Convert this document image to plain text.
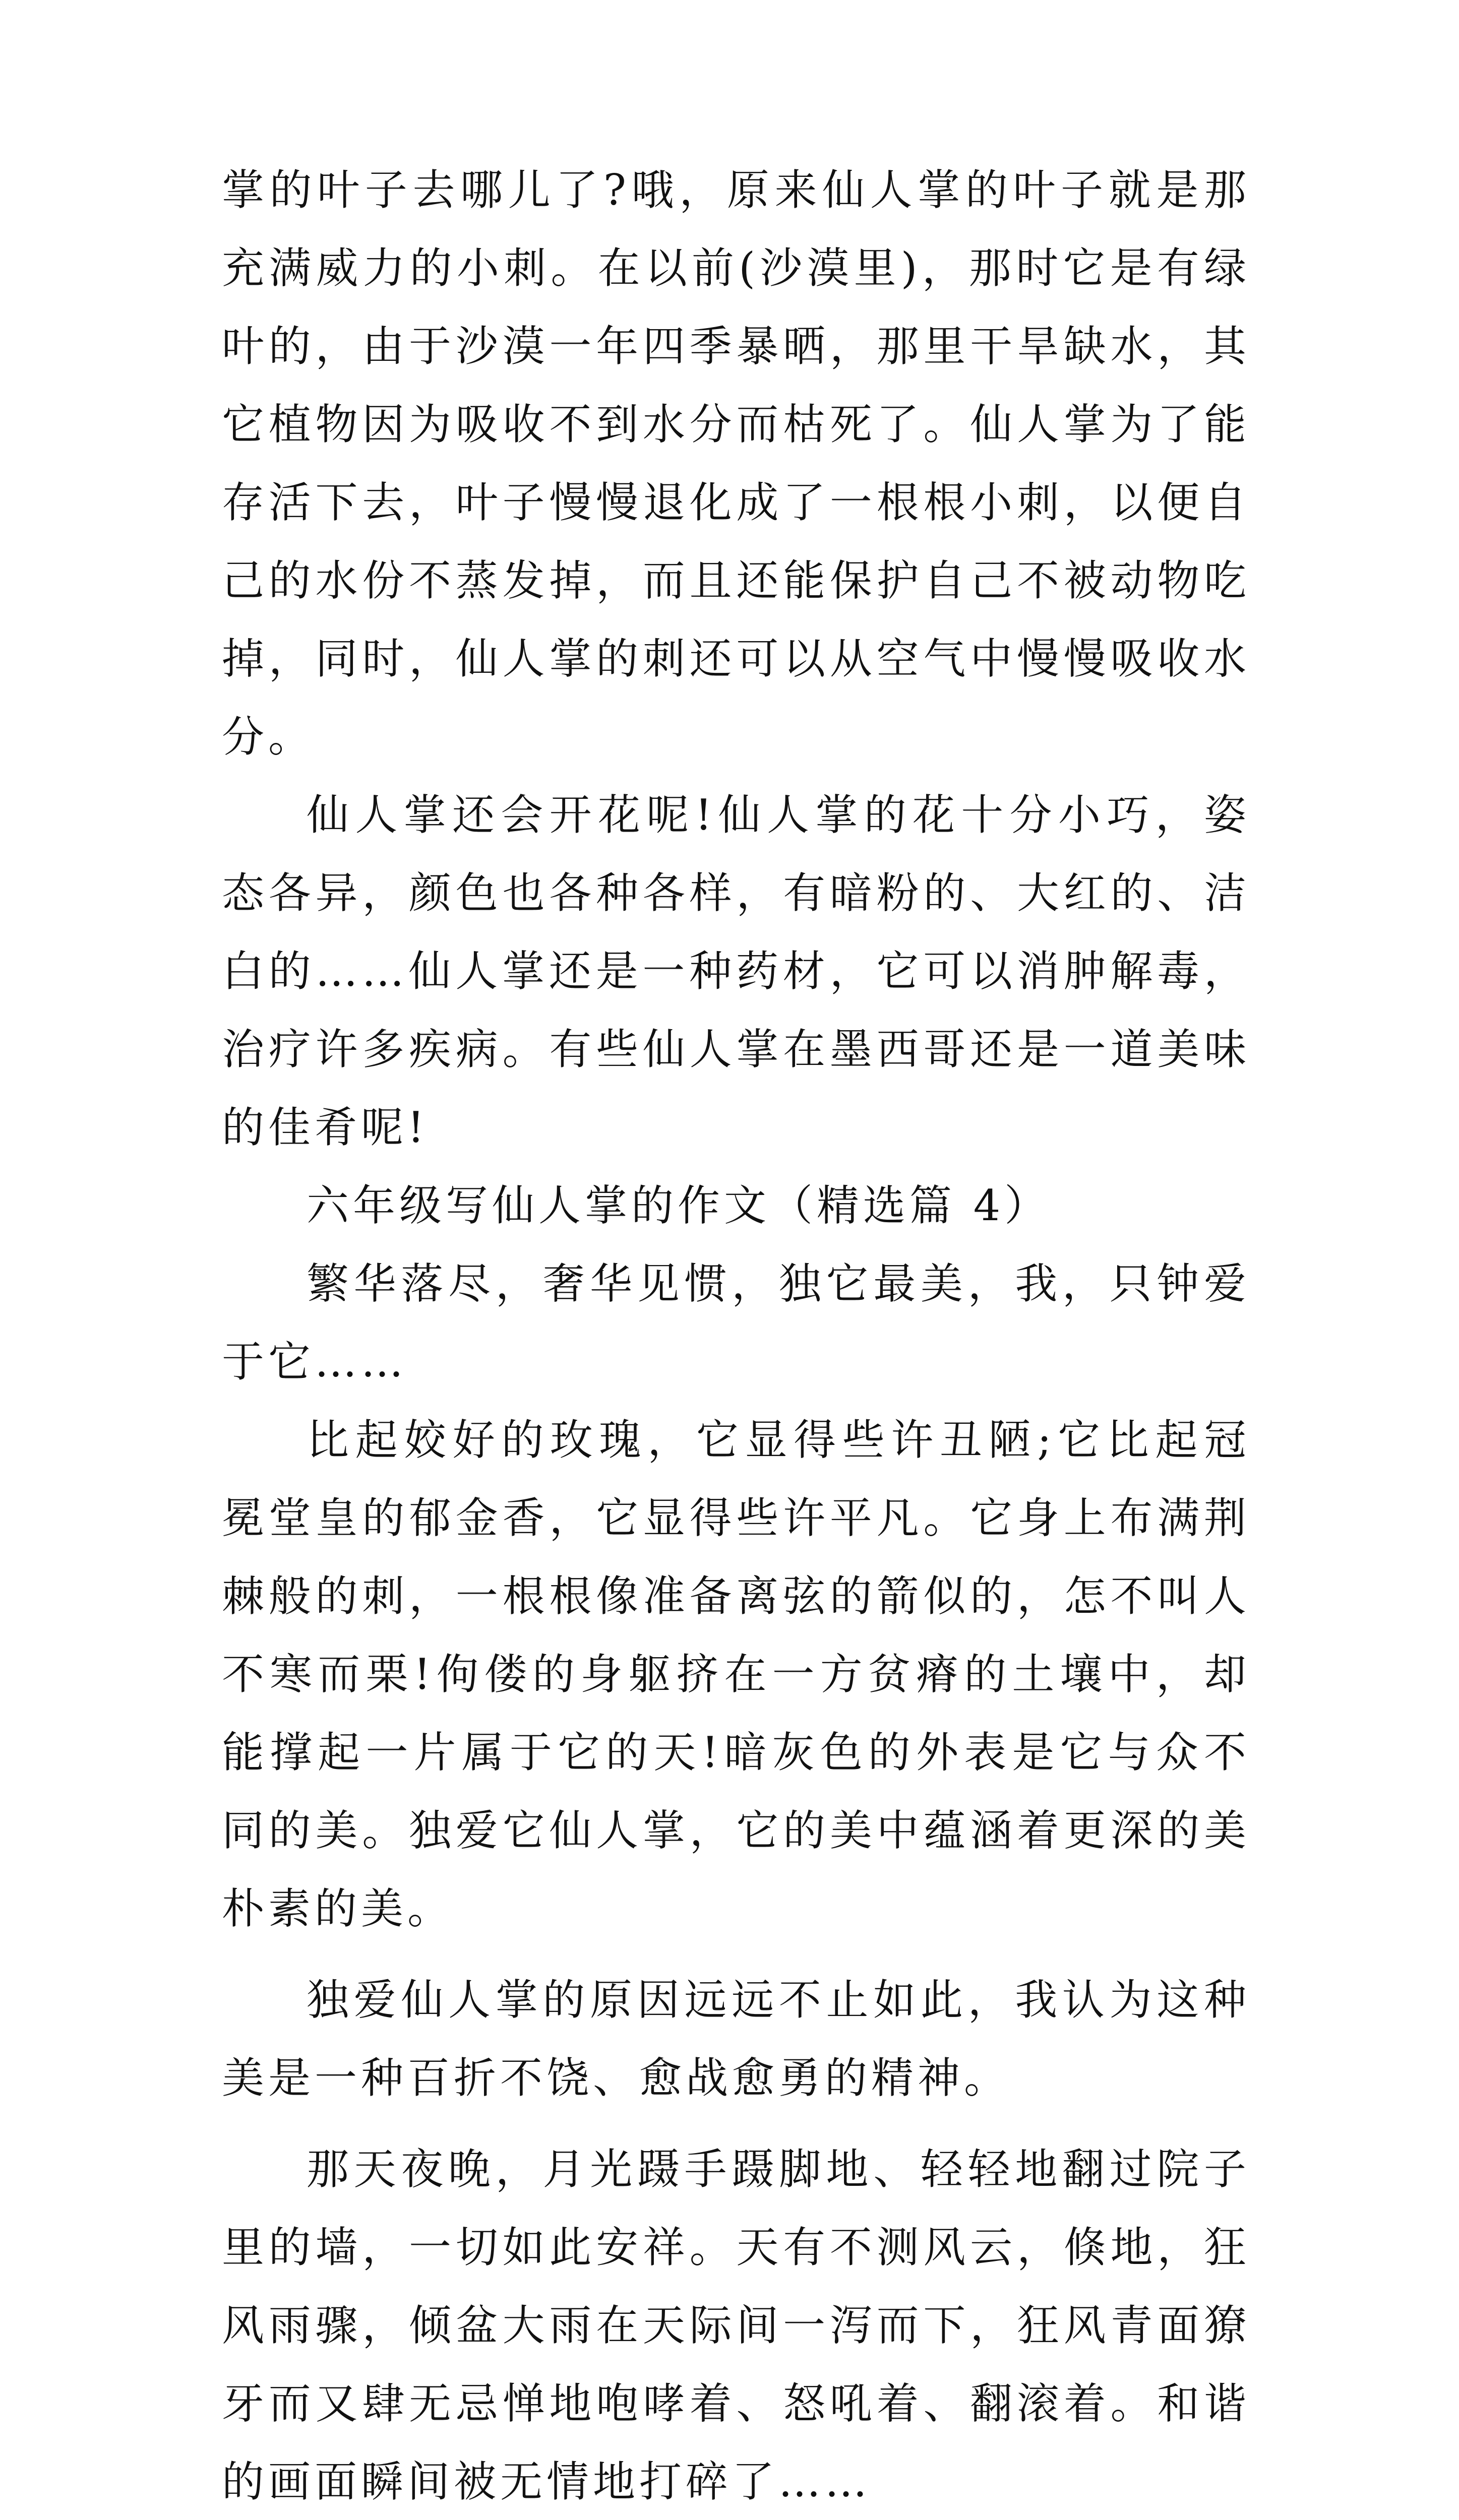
掌的叶子去哪儿了?哦，原来仙人掌的叶子就是那充满威力的小刺。在以前(沙漠里)，那时它是有绿叶的，由于沙漠一年四季暴晒，那里干旱缺水，其它植物因为吸收不到水分而枯死了。仙人掌为了能存活下去，叶子慢慢退化成了一根根小刺，以便自己的水份不蒸发掉，而且还能保护自己不被动物吃掉，同时，仙人掌的刺还可以从空气中慢慢吸收水分。

仙人掌还会开花呢!仙人掌的花十分小巧，姿态各异，颜色也各种各样，有暗粉的、大红的、洁白的……仙人掌还是一种药材，它可以消肿解毒，治疗许多疾病。有些仙人掌在墨西哥还是一道美味的佳肴呢!

六年级写仙人掌的作文（精选篇 4）

繁华落尽，奢华见惯，独它最美，我，只钟爱于它……

比起姣好的玫瑰，它显得些许丑陋;它比起冠冕堂皇的郁金香，它显得些许平凡。它身上布满荆棘般的刺，一根根像准备离弦的箭似的，怎不叫人不寒而栗!佝偻的身躯挤在一方贫瘠的土壤中，却能撑起一片属于它的天!暗灰色的外表是它与众不同的美。独爱它仙人掌，它的美中蕴涵着更深的美朴素的美。

独爱仙人掌的原因远远不止如此，我认为这种美是一种百折不饶、愈战愈勇的精神。

那天夜晚，月光蹑手蹑脚地、轻轻地翻过院子里的墙，一切如此安祥。天有不测风云，倏地，狂风雨骤，倾盆大雨在天际间一泻而下，狂风青面獠牙而又肆无忌惮地咆哮着、怒吼着、翻滚着。和谐的画面瞬间被无情地打碎了……
